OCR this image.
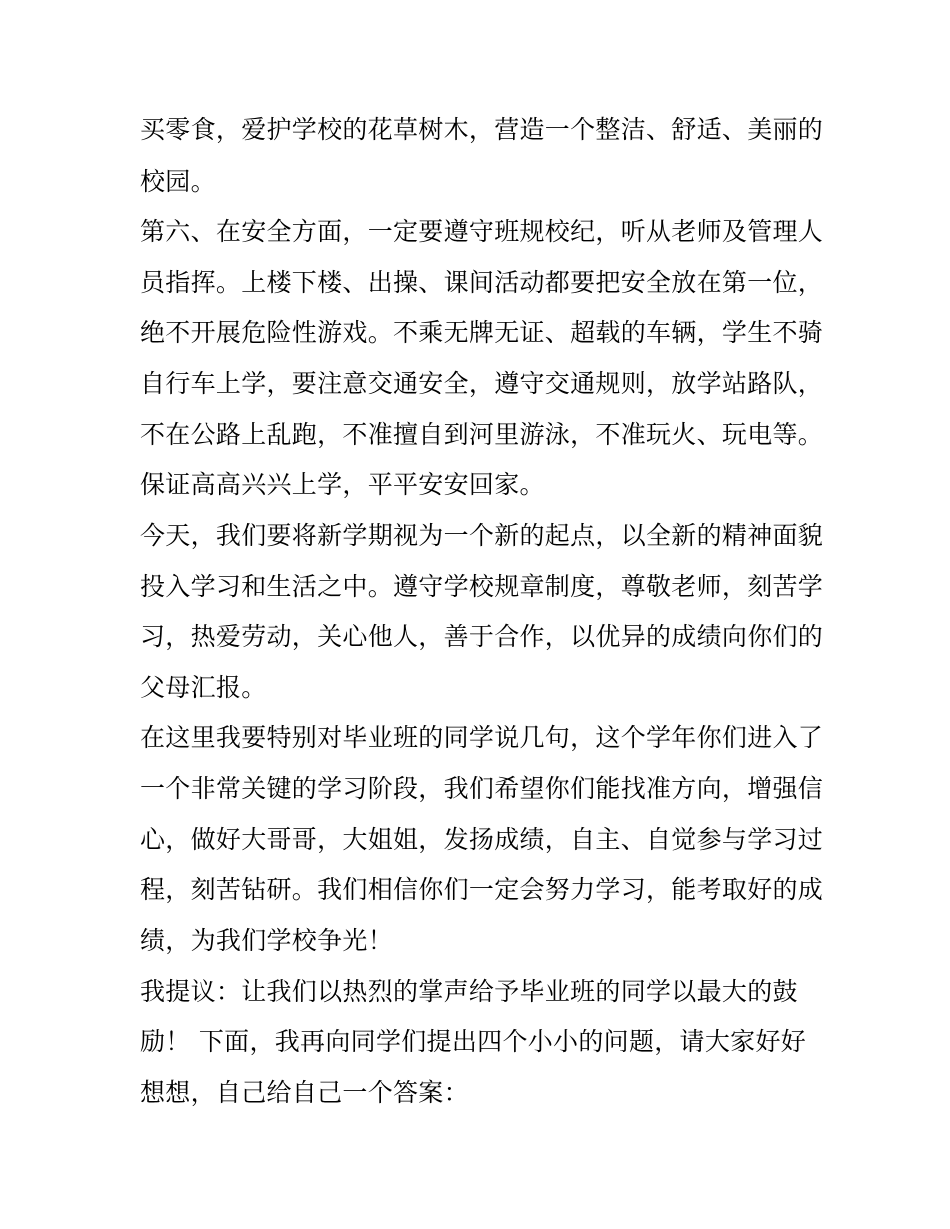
买零食，爱护学校的花草树木，营造一个整洁、舒适、美丽的
校园。
第六、在安全方面，一定要遵守班规校纪，听从老师及管理人
员指挥。上楼下楼、出操、课间活动都要把安全放在第一位，
绝不开展危险性游戏。不乘无牌无证、超载的车辆，学生不骑
自行车上学，要注意交通安全，遵守交通规则，放学站路队，
不在公路上乱跑，不准擅自到河里游泳，不准玩火、玩电等。
保证高高兴兴上学，平平安安回家。
今天，我们要将新学期视为一个新的起点，以全新的精神面貌
投入学习和生活之中。遵守学校规章制度，尊敬老师，刻苦学
习，热爱劳动，关心他人，善于合作，以优异的成绩向你们的
父母汇报。
在这里我要特别对毕业班的同学说几句，这个学年你们进入了
一个非常关键的学习阶段，我们希望你们能找准方向，增强信
心，做好大哥哥，大姐姐，发扬成绩，自主、自觉参与学习过
程，刻苦钻研。我们相信你们一定会努力学习，能考取好的成
绩，为我们学校争光！
我提议：让我们以热烈的掌声给予毕业班的同学以最大的鼓
励！ 下面，我再向同学们提出四个小小的问题，请大家好好
想想，自己给自己一个答案：
